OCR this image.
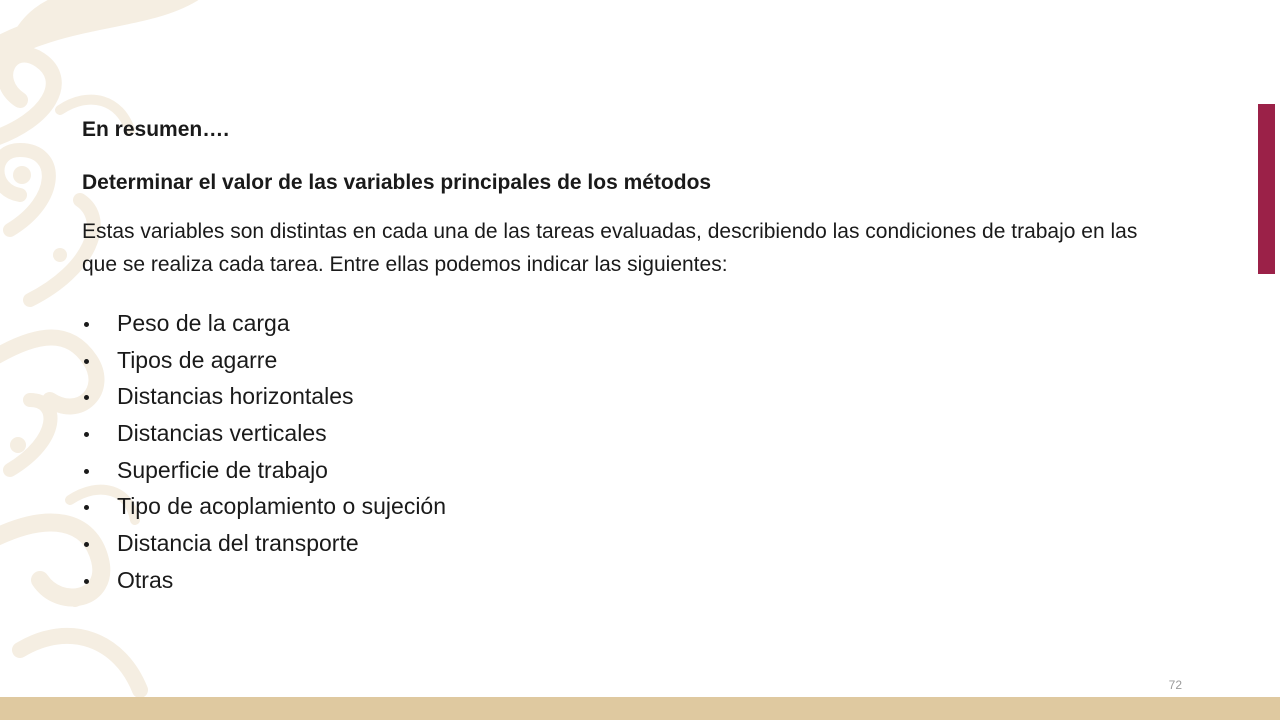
En resumen….

Determinar el valor de las variables principales de los métodos

Estas variables son distintas en cada una de las tareas evaluadas, describiendo las condiciones de trabajo en las que se realiza cada tarea. Entre ellas podemos indicar las siguientes:

Peso de la carga
Tipos de agarre
Distancias horizontales
Distancias verticales
Superficie de trabajo
Tipo de acoplamiento o sujeción
Distancia del transporte
Otras
72
